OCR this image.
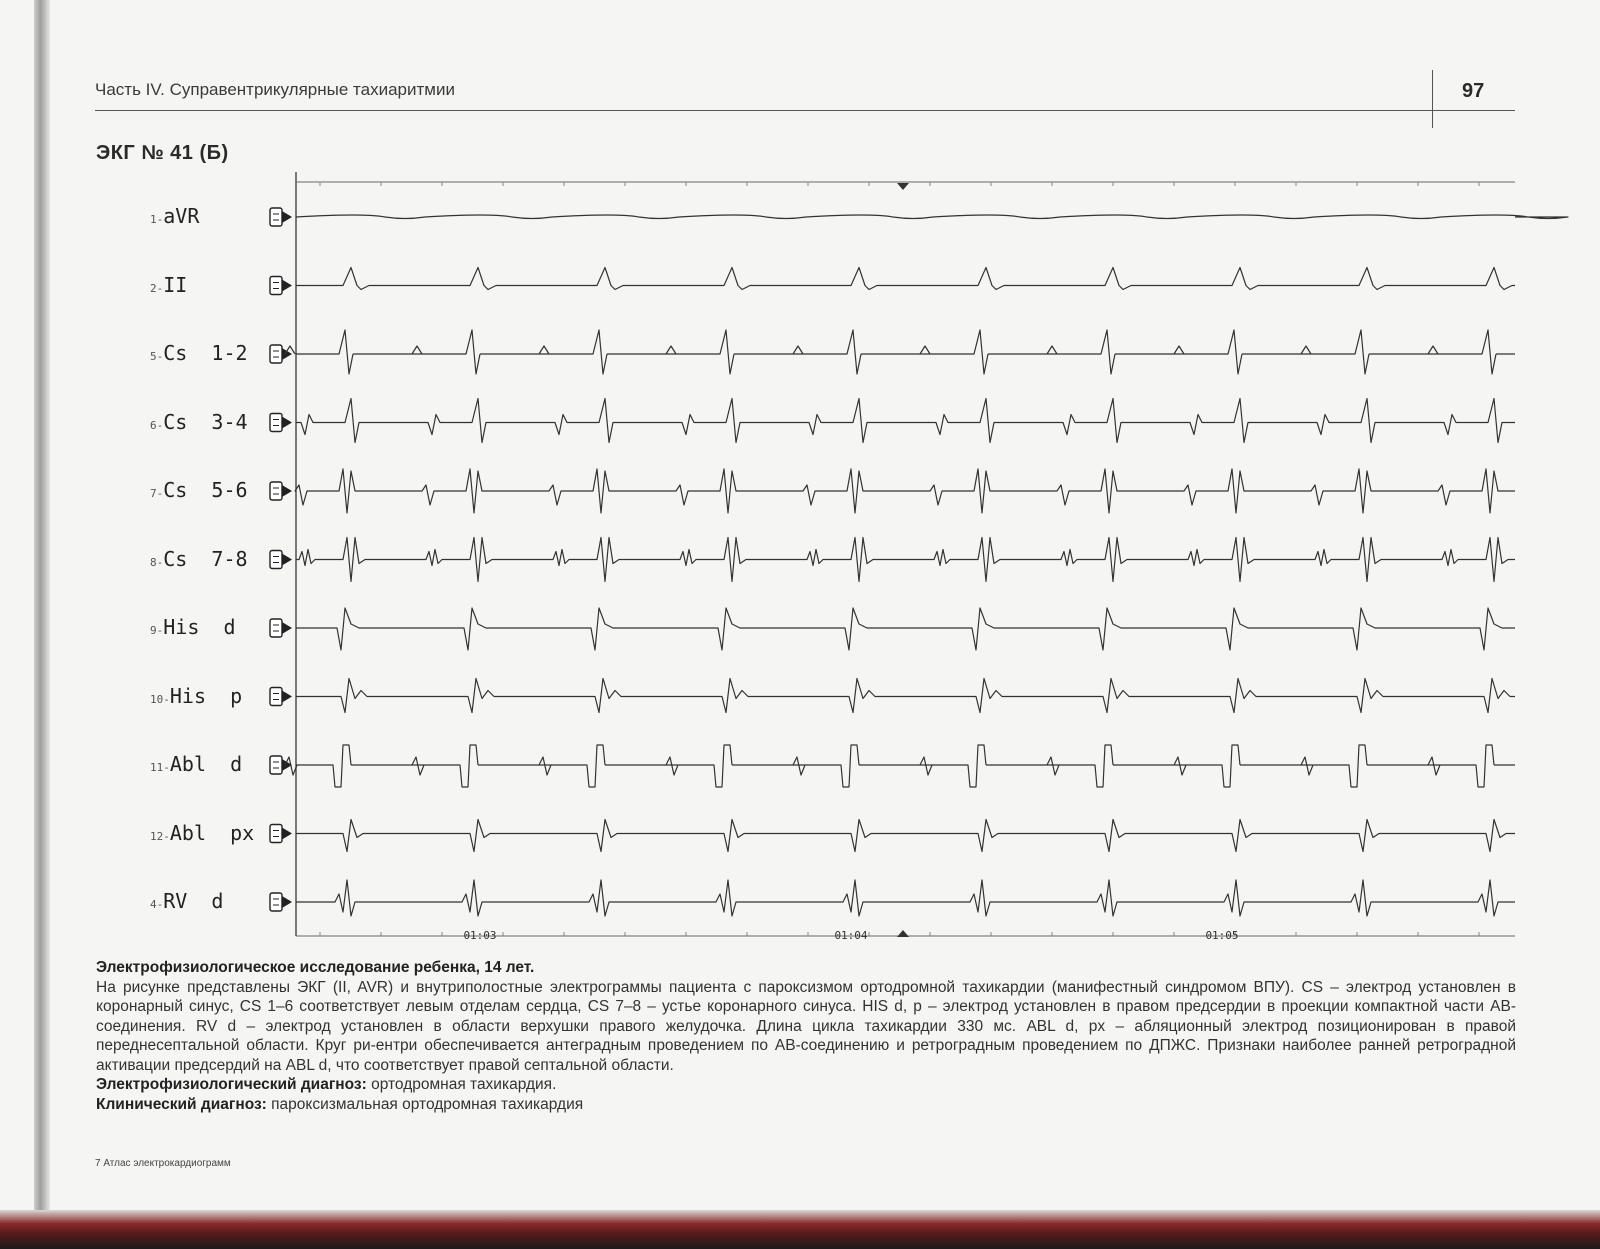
Часть IV. Суправентрикулярные тахиаритмии	97
ЭКГ № 41 (Б)
1-aVR
2-II
5-Cs  1-2
6-Cs  3-4
7-Cs  5-6
8-Cs  7-8
9-His  d
10-His  p
11-Abl  d
12-Abl  px
4-RV  d
01:03	01:04	01:05

Электрофизиологическое исследование ребенка, 14 лет.

На рисунке представлены ЭКГ (II, AVR) и внутриполостные электрограммы пациента с пароксизмом ортодромной тахикардии (манифестный синдромом ВПУ). CS – электрод установлен в коронарный синус, CS 1–6 соответствует левым отделам сердца, CS 7–8 – устье коронарного синуса. HIS d, p – электрод установлен в правом предсердии в проекции компактной части АВ-соединения. RV d – электрод установлен в области верхушки правого желудочка. Длина цикла тахикардии 330 мс. ABL d, px – абляционный электрод позиционирован в правой переднесептальной области. Круг ри-ентри обеспечивается антеградным проведением по АВ-соединению и ретроградным проведением по ДПЖС. Признаки наиболее ранней ретроградной активации предсердий на ABL d, что соответствует правой септальной области.

Электрофизиологический диагноз: ортодромная тахикардия.

Клинический диагноз: пароксизмальная ортодромная тахикардия

7 Атлас электрокардиограмм
